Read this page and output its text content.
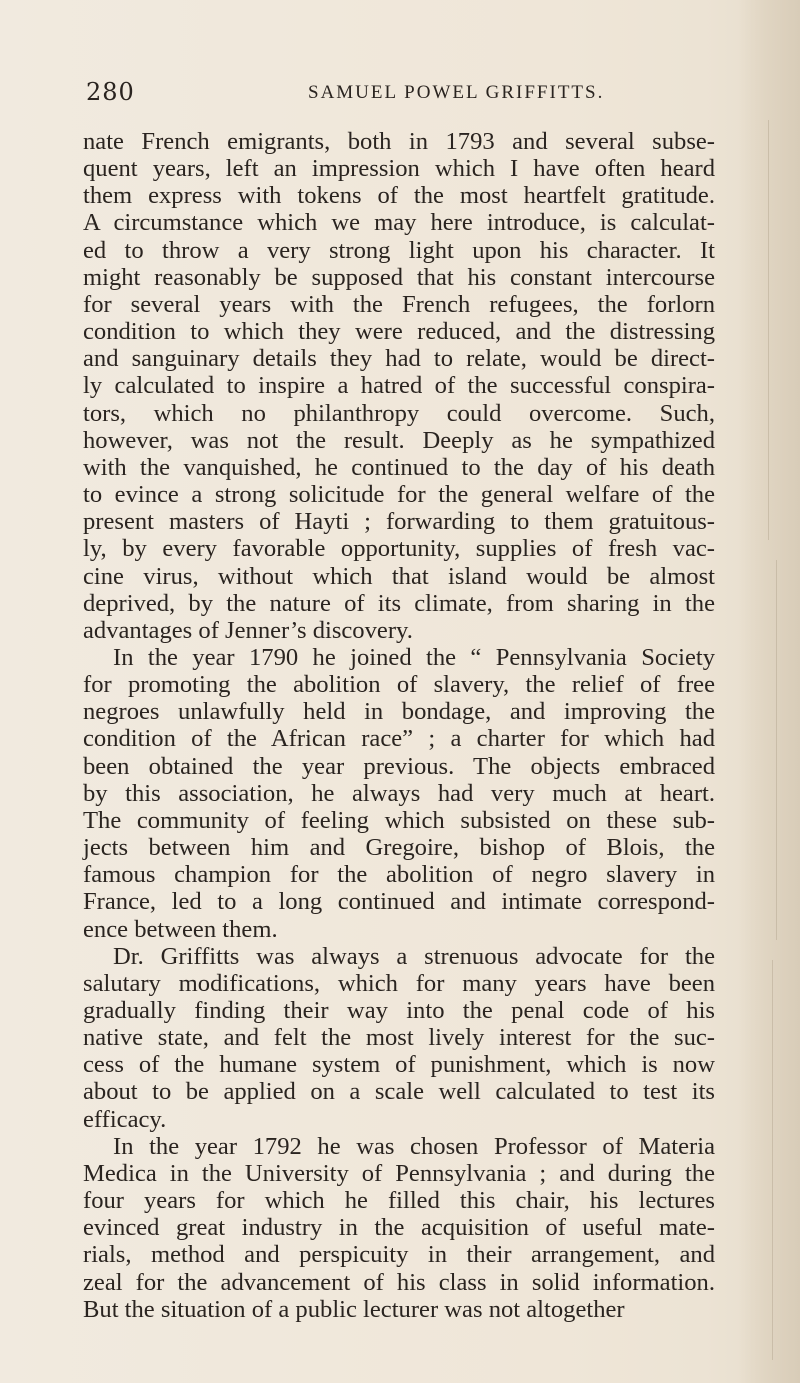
280	SAMUEL POWEL GRIFFITTS.
nate French emigrants, both in 1793 and several subse-
quent years, left an impression which I have often heard
them express with tokens of the most heartfelt gratitude.
A circumstance which we may here introduce, is calculat-
ed to throw a very strong light upon his character. It
might reasonably be supposed that his constant intercourse
for several years with the French refugees, the forlorn
condition to which they were reduced, and the distressing
and sanguinary details they had to relate, would be direct-
ly calculated to inspire a hatred of the successful conspira-
tors, which no philanthropy could overcome. Such,
however, was not the result. Deeply as he sympathized
with the vanquished, he continued to the day of his death
to evince a strong solicitude for the general welfare of the
present masters of Hayti ; forwarding to them gratuitous-
ly, by every favorable opportunity, supplies of fresh vac-
cine virus, without which that island would be almost
deprived, by the nature of its climate, from sharing in the
advantages of Jenner’s discovery.
In the year 1790 he joined the “ Pennsylvania Society
for promoting the abolition of slavery, the relief of free
negroes unlawfully held in bondage, and improving the
condition of the African race” ; a charter for which had
been obtained the year previous. The objects embraced
by this association, he always had very much at heart.
The community of feeling which subsisted on these sub-
jects between him and Gregoire, bishop of Blois, the
famous champion for the abolition of negro slavery in
France, led to a long continued and intimate correspond-
ence between them.
Dr. Griffitts was always a strenuous advocate for the
salutary modifications, which for many years have been
gradually finding their way into the penal code of his
native state, and felt the most lively interest for the suc-
cess of the humane system of punishment, which is now
about to be applied on a scale well calculated to test its
efficacy.
In the year 1792 he was chosen Professor of Materia
Medica in the University of Pennsylvania ; and during the
four years for which he filled this chair, his lectures
evinced great industry in the acquisition of useful mate-
rials, method and perspicuity in their arrangement, and
zeal for the advancement of his class in solid information.
But the situation of a public lecturer was not altogether
